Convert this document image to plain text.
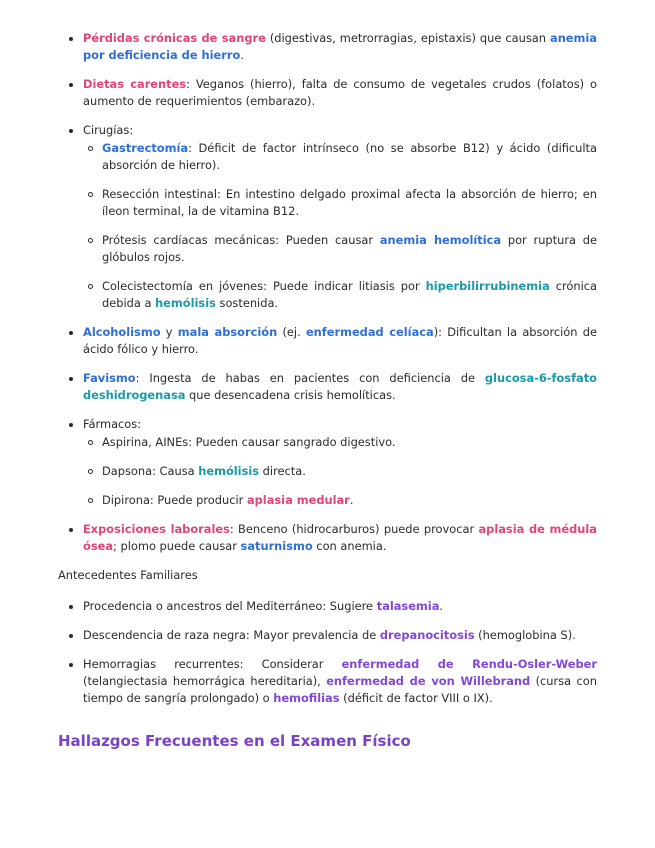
Pérdidas crónicas de sangre (digestivas, metrorragias, epistaxis) que causan anemia por deficiencia de hierro.
Dietas carentes: Veganos (hierro), falta de consumo de vegetales crudos (folatos) o aumento de requerimientos (embarazo).
Cirugías:
Gastrectomía: Déficit de factor intrínseco (no se absorbe B12) y ácido (dificulta absorción de hierro).
Resección intestinal: En intestino delgado proximal afecta la absorción de hierro; en íleon terminal, la de vitamina B12.
Prótesis cardíacas mecánicas: Pueden causar anemia hemolítica por ruptura de glóbulos rojos.
Colecistectomía en jóvenes: Puede indicar litiasis por hiperbilirrubinemia crónica debida a hemólisis sostenida.
Alcoholismo y mala absorción (ej. enfermedad celíaca): Dificultan la absorción de ácido fólico y hierro.
Favismo: Ingesta de habas en pacientes con deficiencia de glucosa-6-fosfato deshidrogenasa que desencadena crisis hemolíticas.
Fármacos:
Aspirina, AINEs: Pueden causar sangrado digestivo.
Dapsona: Causa hemólisis directa.
Dipirona: Puede producir aplasia medular.
Exposiciones laborales: Benceno (hidrocarburos) puede provocar aplasia de médula ósea; plomo puede causar saturnismo con anemia.
Antecedentes Familiares
Procedencia o ancestros del Mediterráneo: Sugiere talasemia.
Descendencia de raza negra: Mayor prevalencia de drepanocitosis (hemoglobina S).
Hemorragias recurrentes: Considerar enfermedad de Rendu-Osler-Weber (telangiectasia hemorrágica hereditaria), enfermedad de von Willebrand (cursa con tiempo de sangría prolongado) o hemofilias (déficit de factor VIII o IX).
Hallazgos Frecuentes en el Examen Físico
